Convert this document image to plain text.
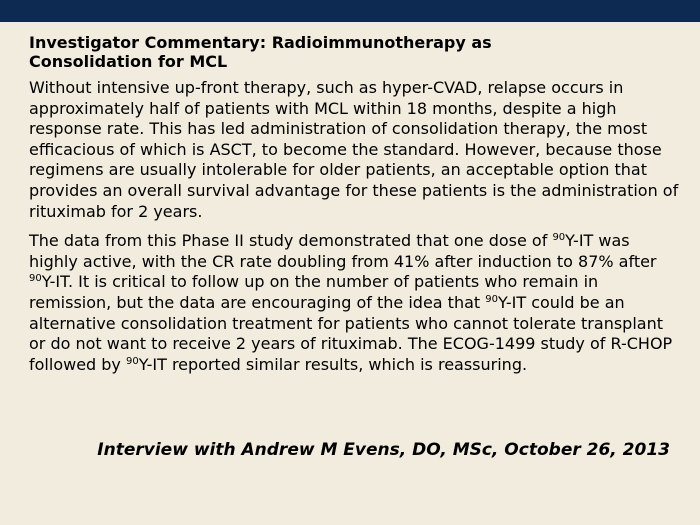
Investigator Commentary: Radioimmunotherapy as
Consolidation for MCL

Without intensive up-front therapy, such as hyper-CVAD, relapse occurs in approximately half of patients with MCL within 18 months, despite a high response rate. This has led administration of consolidation therapy, the most efficacious of which is ASCT, to become the standard. However, because those regimens are usually intolerable for older patients, an acceptable option that provides an overall survival advantage for these patients is the administration of rituximab for 2 years.

The data from this Phase II study demonstrated that one dose of $^{90}$Y-IT was highly active, with the CR rate doubling from 41% after induction to 87% after $^{90}$Y-IT. It is critical to follow up on the number of patients who remain in remission, but the data are encouraging of the idea that $^{90}$Y-IT could be an alternative consolidation treatment for patients who cannot tolerate transplant or do not want to receive 2 years of rituximab. The ECOG-1499 study of R-CHOP followed by $^{90}$Y-IT reported similar results, which is reassuring.

Interview with Andrew M Evens, DO, MSc, October 26, 2013
